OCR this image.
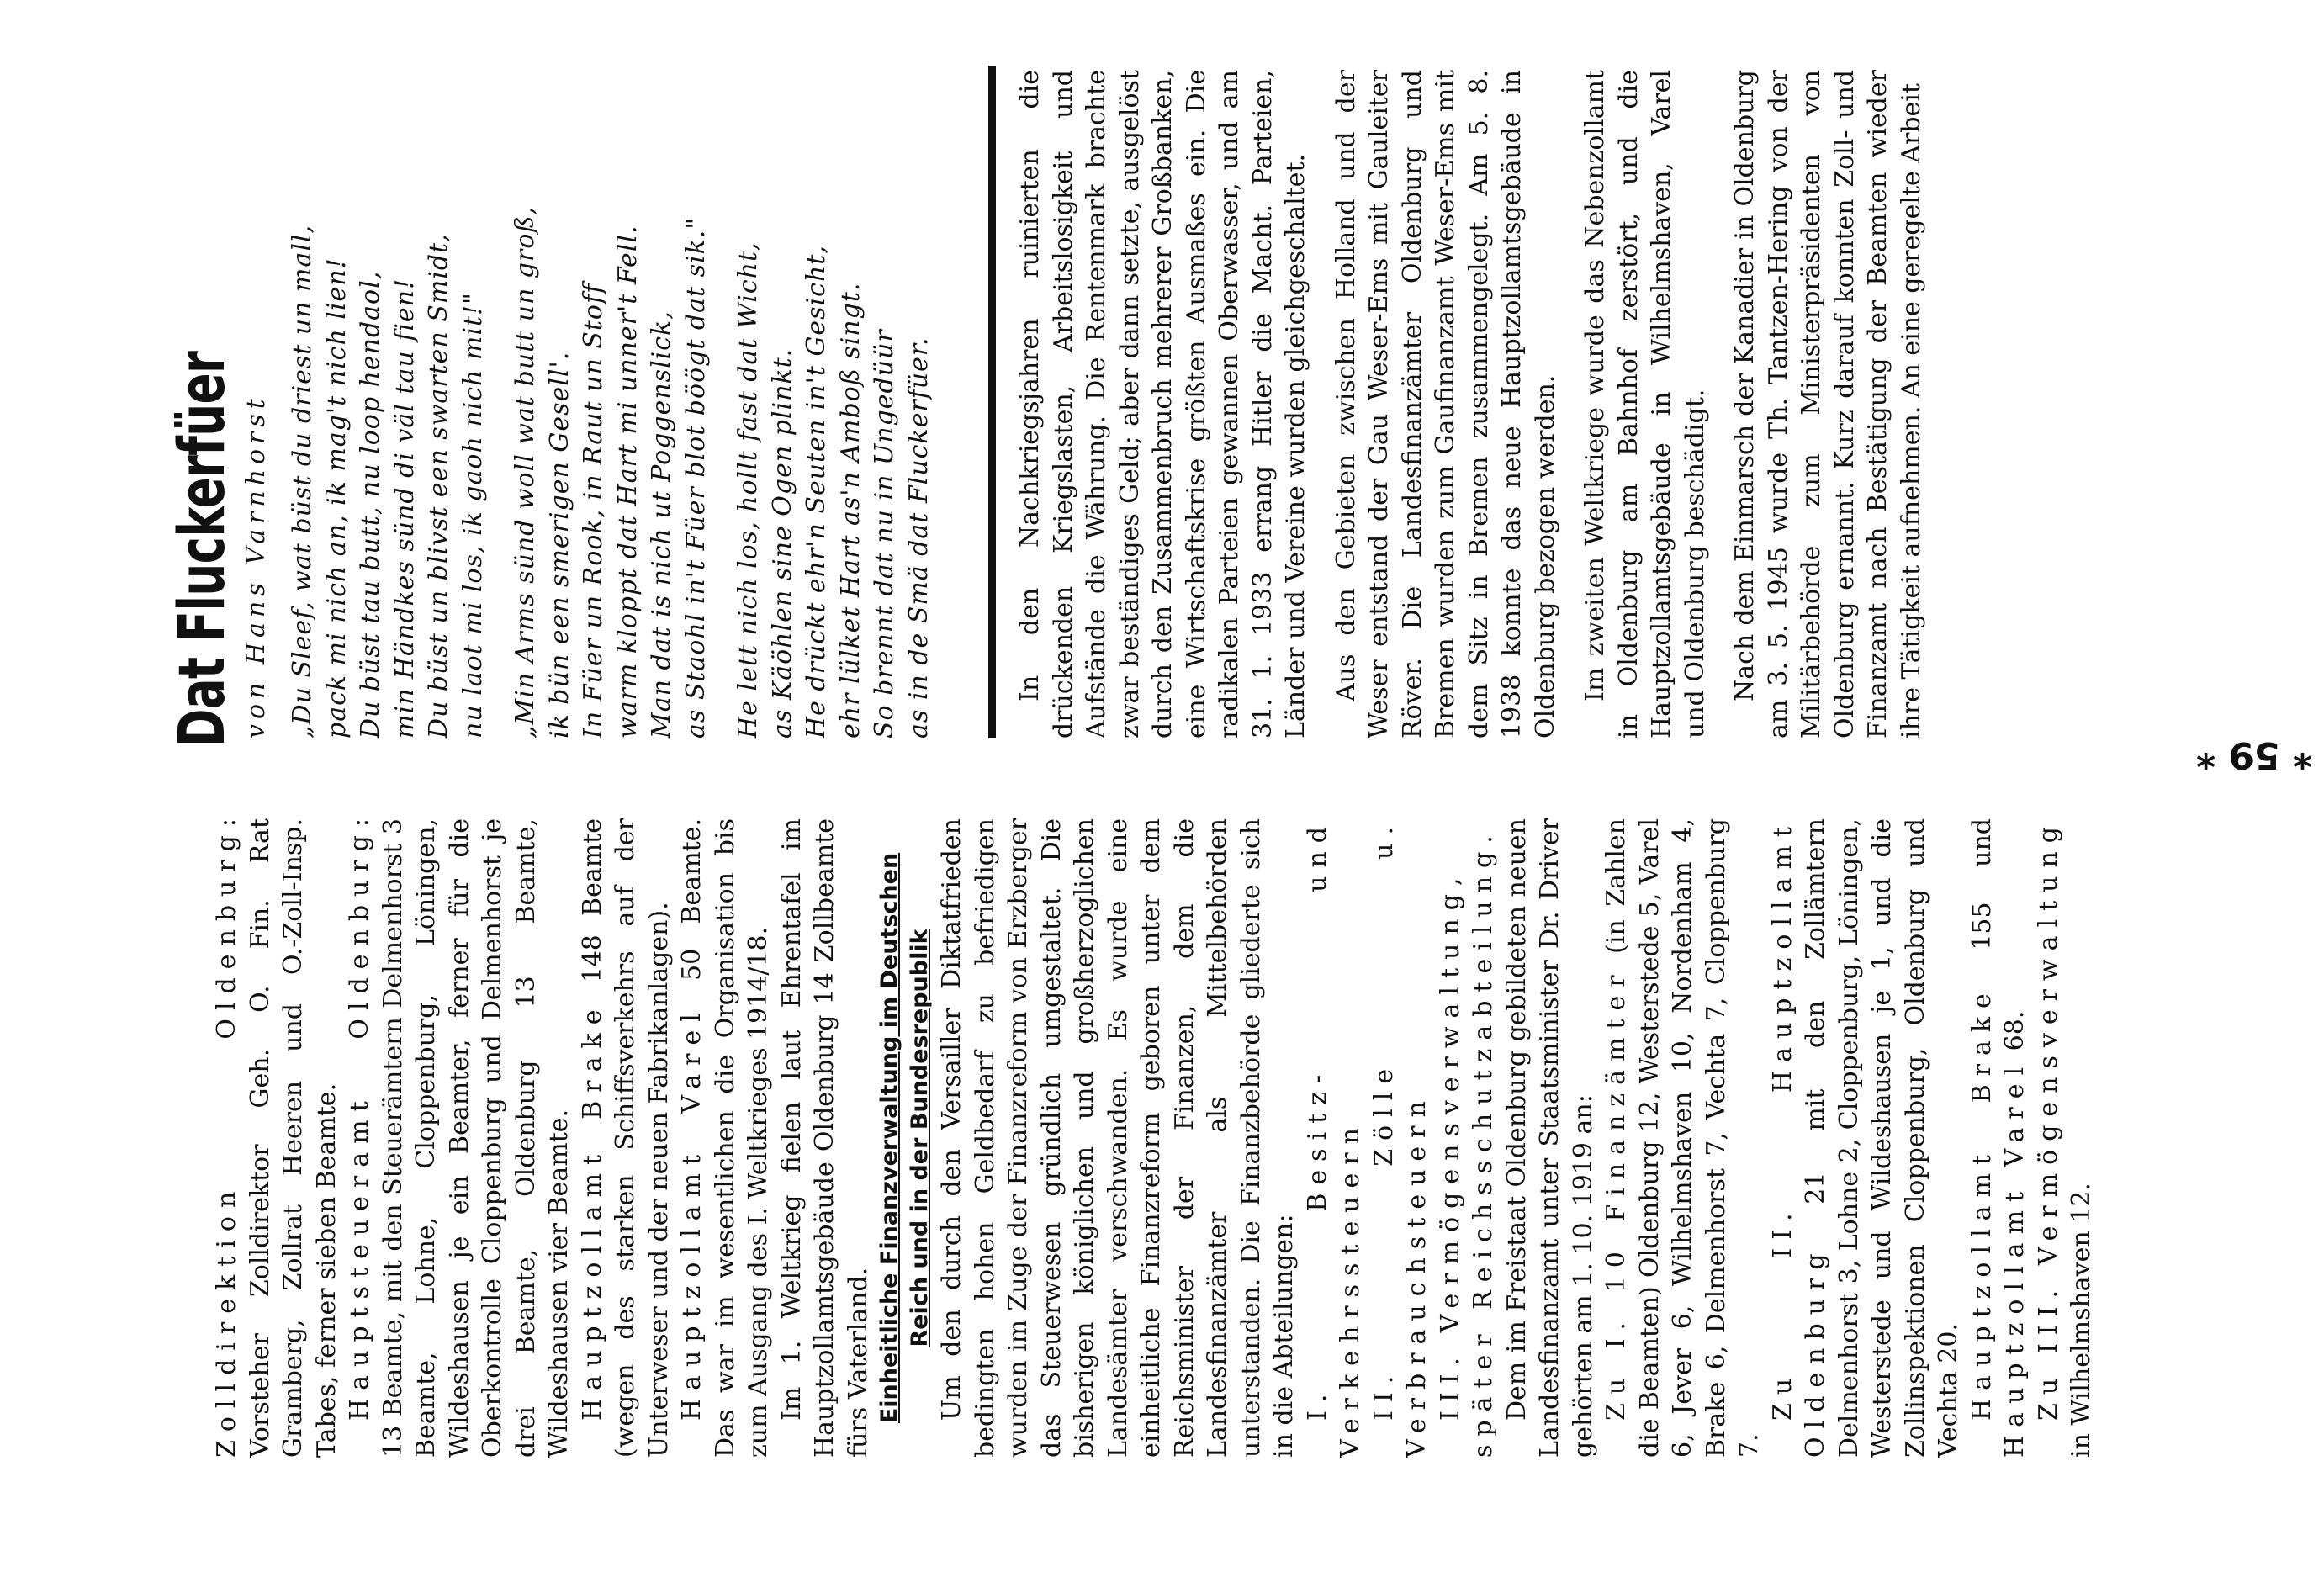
Zolldirektion Oldenburg: Vorsteher Zolldirektor Geh. O. Fin. Rat Gramberg, Zollrat Heeren und O.-Zoll-Insp. Tabes, ferner sieben Beamte. Hauptsteueramt Oldenburg: 13 Beamte, mit den Steuerämtern Delmenhorst 3 Beamte, Lohne, Cloppenburg, Löningen, Wildeshausen je ein Beamter, ferner für die Oberkontrolle Cloppenburg und Delmenhorst je drei Beamte, Oldenburg 13 Beamte, Wildeshausen vier Beamte. Hauptzollamt Brake 148 Beamte (wegen des starken Schiffsverkehrs auf der Unterweser und der neuen Fabrikanlagen). Hauptzollamt Varel 50 Beamte. Das war im wesentlichen die Organisation bis zum Ausgang des I. Weltkrieges 1914/18. Im 1. Weltkrieg fielen laut Ehrentafel im Hauptzollamtsgebäude Oldenburg 14 Zollbeamte fürs Vaterland. Einheitliche Finanzverwaltung im Deutschen Reich und in der Bundesrepublik Um den durch den Versailler Diktatfrieden bedingten hohen Geldbedarf zu befriedigen wurden im Zuge der Finanzreform von Erzberger das Steuerwesen gründlich umgestaltet. Die bisherigen königlichen und großherzoglichen Landesämter verschwanden. Es wurde eine einheitliche Finanzreform geboren unter dem Reichsminister der Finanzen, dem die Landesfinanzämter als Mittelbehörden unterstanden. Die Finanzbehörde gliederte sich in die Abteilungen: I. Besitz- und Verkehrssteuern II. Zölle u. Verbrauchsteuern III. Vermögensverwaltung, später Reichsschutzabteilung. Dem im Freistaat Oldenburg gebildeten neuen Landesfinanzamt unter Staatsminister Dr. Driver gehörten am 1. 10. 1919 an: Zu I. 10 Finanzämter (in Zahlen die Beamten) Oldenburg 12, Westerstede 5, Varel 6, Jever 6, Wilhelmshaven 10, Nordenham 4, Brake 6, Delmenhorst 7, Vechta 7, Cloppenburg 7.

Zu II. Hauptzollamt Oldenburg 21 mit den Zollämtern Delmenhorst 3, Lohne 2, Cloppenburg, Löningen, Westerstede und Wildeshausen je 1, und die Zollinspektionen Cloppenburg, Oldenburg und Vechta 20. Hauptzollamt Brake 155 und Hauptzollamt Varel 68. Zu III. Vermögensverwaltung in Wilhelmshaven 12.

Dat Fluckerfüer von Hans Varnhorst „Du Sleef, wat büst du driest un mall, pack mi nich an, ik mag't nich lien! Du büst tau butt, nu loop hendaol, min Händkes sünd di väl tau fien! Du büst un blivst een swarten Smidt, nu laot mi los, ik gaoh nich mit!" „Min Arms sünd woll wat butt un groß, ik bün een smerigen Gesell'. In Füer un Rook, in Raut un Stoff warm kloppt dat Hart mi unner't Fell. Man dat is nich ut Poggenslick, as Staohl in't Füer blot böögt dat sik." He lett nich los, hollt fast dat Wicht, as Käöhlen sine Ogen plinkt. He drückt ehr'n Seuten in't Gesicht, ehr lülket Hart as'n Amboß singt. So brennt dat nu in Ungedüür as in de Smä dat Fluckerfüer.	In den Nachkriegsjahren ruinierten die drückenden Kriegslasten, Arbeitslosigkeit und Aufstände die Währung. Die Rentenmark brachte zwar beständiges Geld; aber dann setzte, ausgelöst durch den Zusammenbruch mehrerer Großbanken, eine Wirtschaftskrise größten Ausmaßes ein. Die radikalen Parteien gewannen Oberwasser, und am 31. 1. 1933 errang Hitler die Macht. Parteien, Länder und Vereine wurden gleichgeschaltet. Aus den Gebieten zwischen Holland und der Weser entstand der Gau Weser-Ems mit Gauleiter Röver. Die Landesfinanzämter Oldenburg und Bremen wurden zum Gaufinanzamt Weser-Ems mit dem Sitz in Bremen zusammengelegt. Am 5. 8. 1938 konnte das neue Hauptzollamtsgebäude in Oldenburg bezogen werden. Im zweiten Weltkriege wurde das Nebenzollamt in Oldenburg am Bahnhof zerstört, und die Hauptzollamtsgebäude in Wilhelmshaven, Varel und Oldenburg beschädigt. Nach dem Einmarsch der Kanadier in Oldenburg am 3. 5. 1945 wurde Th. Tantzen-Hering von der Militärbehörde zum Ministerpräsidenten von Oldenburg ernannt. Kurz darauf konnten Zoll- und Finanzamt nach Bestätigung der Beamten wieder ihre Tätigkeit aufnehmen. An eine geregelte Arbeit

* 59 *
